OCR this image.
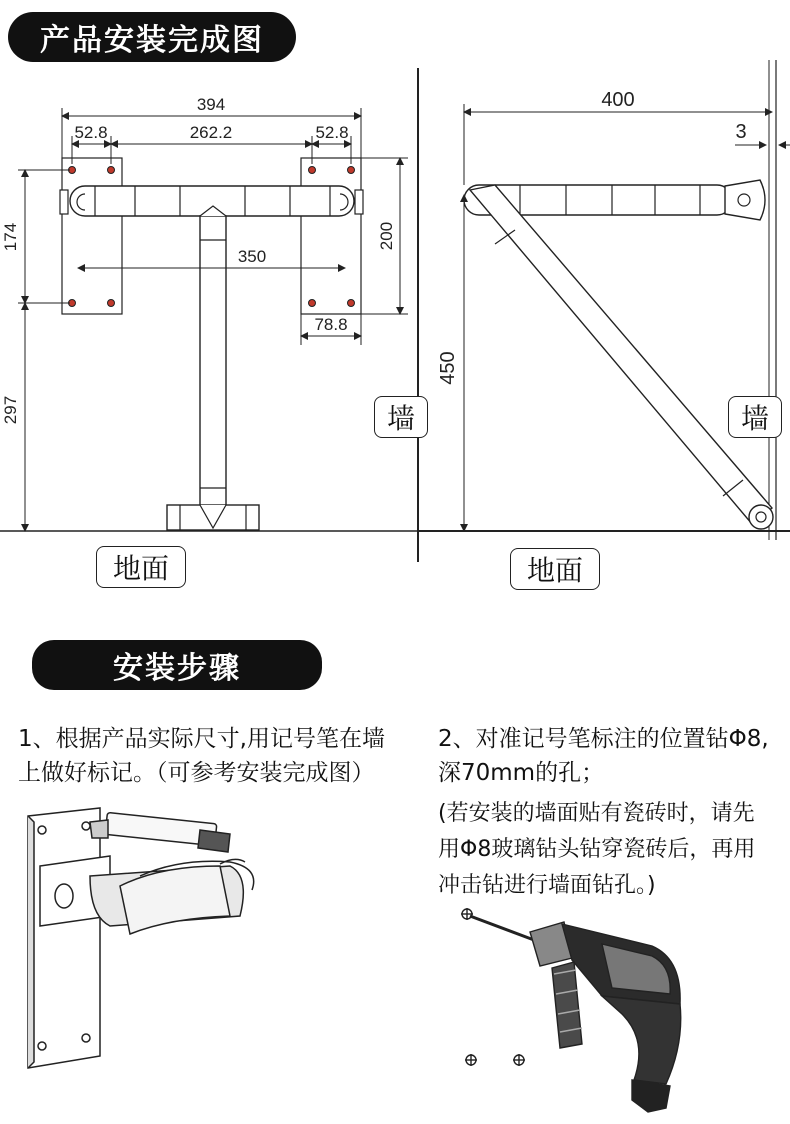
产品安装完成图
394
52.8	262.2	52.8
350
174
297
200
78.8
400
3
450
地面	地面
墙	墙
安装步骤
1、根据产品实际尺寸,用记号笔在墙
上做好标记。（可参考安装完成图）
2、对准记号笔标注的位置钻Φ8,
深70mm的孔；
(若安装的墙面贴有瓷砖时，请先
用Φ8玻璃钻头钻穿瓷砖后，再用
冲击钻进行墙面钻孔。)
